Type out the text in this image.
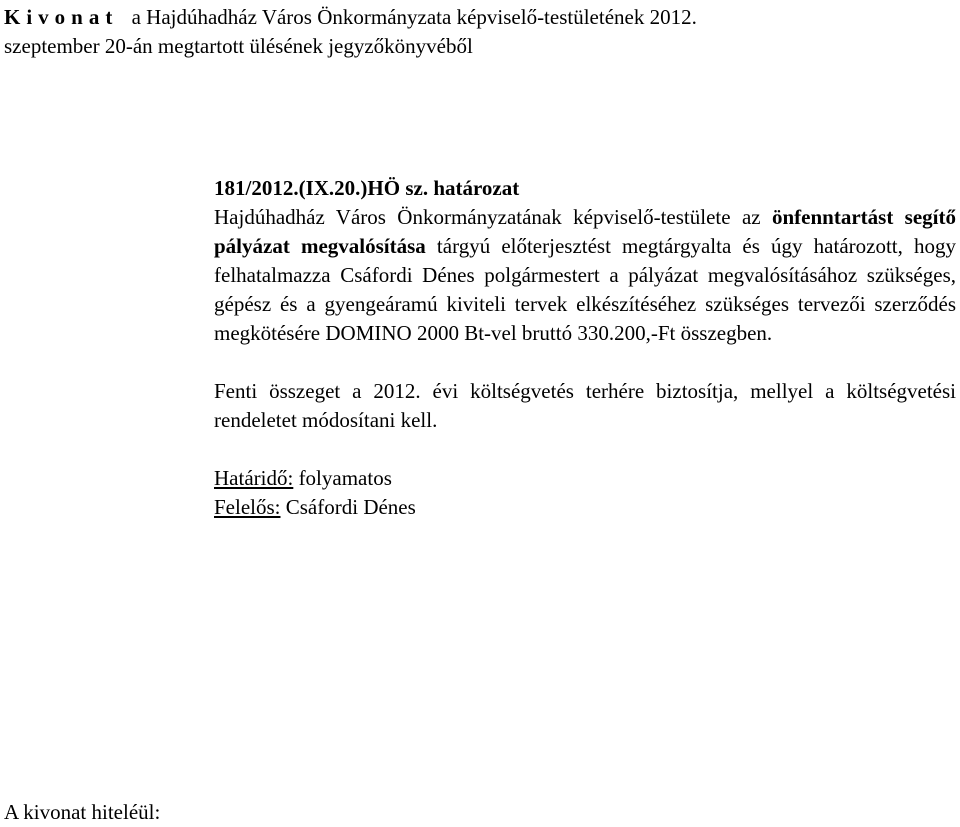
Kivonat a Hajdúhadház Város Önkormányzata képviselő-testületének 2012.
szeptember 20-án megtartott ülésének jegyzőkönyvéből
181/2012.(IX.20.)HÖ sz. határozat

Hajdúhadház Város Önkormányzatának képviselő-testülete az önfenntartást segítő pályázat megvalósítása tárgyú előterjesztést megtárgyalta és úgy határozott, hogy felhatalmazza Csáfordi Dénes polgármestert a pályázat megvalósításához szükséges, gépész és a gyengeáramú kiviteli tervek elkészítéséhez szükséges tervezői szerződés megkötésére DOMINO 2000 Bt-vel bruttó 330.200,-Ft összegben.

Fenti összeget a 2012. évi költségvetés terhére biztosítja, mellyel a költségvetési rendeletet módosítani kell.

Határidő: folyamatos
Felelős: Csáfordi Dénes
A kivonat hiteléül:
